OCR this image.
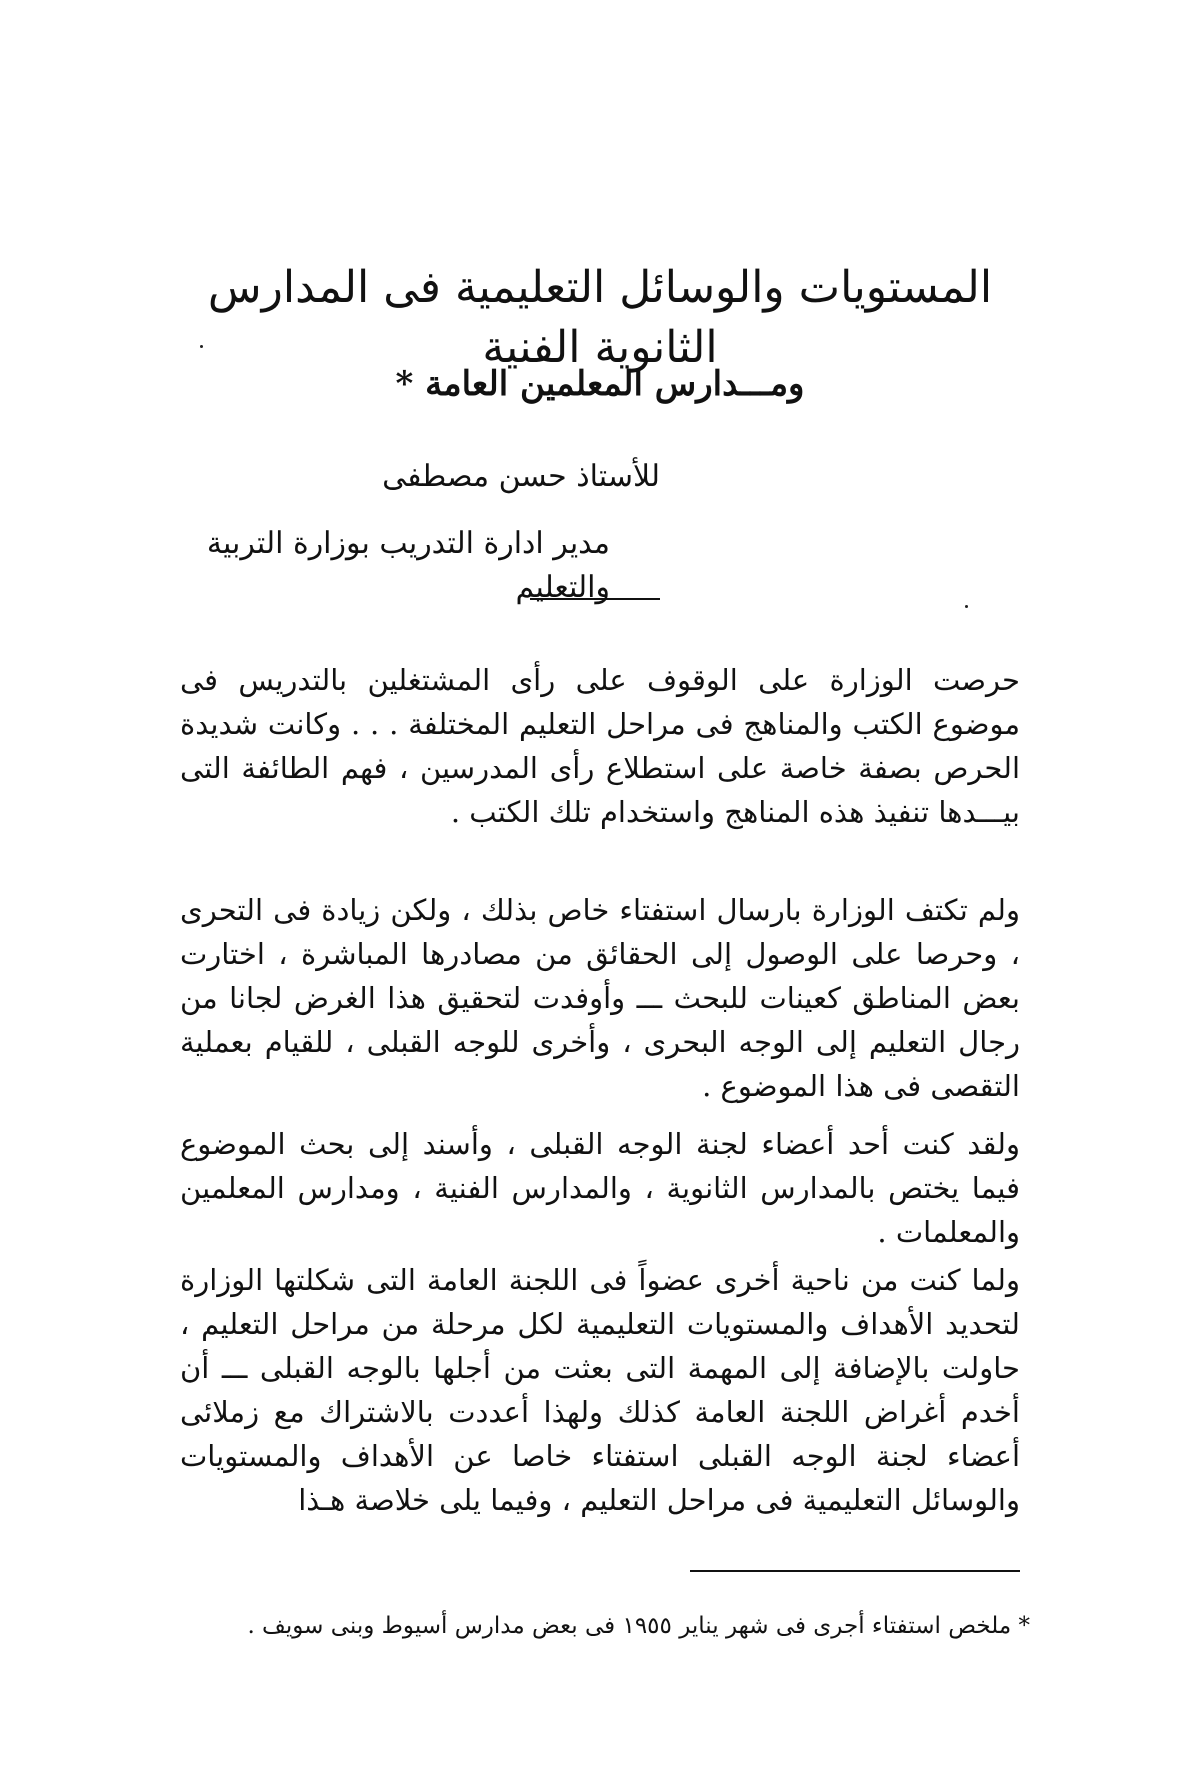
المستويات والوسائل التعليمية فى المدارس الثانوية الفنية
ومـــدارس المعلمين العامة *
للأستاذ حسن مصطفى
مدير ادارة التدريب بوزارة التربية والتعليم

حرصت الوزارة على الوقوف على رأى المشتغلين بالتدريس فى موضوع الكتب والمناهج فى مراحل التعليم المختلفة . . . وكانت شديدة الحرص بصفة خاصة على استطلاع رأى المدرسين ، فهم الطائفة التى بيـــدها تنفيذ هذه المناهج واستخدام تلك الكتب .

ولم تكتف الوزارة بارسال استفتاء خاص بذلك ، ولكن زيادة فى التحرى ، وحرصا على الوصول إلى الحقائق من مصادرها المباشرة ، اختارت بعض المناطق كعينات للبحث ـــ وأوفدت لتحقيق هذا الغرض لجانا من رجال التعليم إلى الوجه البحرى ، وأخرى للوجه القبلى ، للقيام بعملية التقصى فى هذا الموضوع .

ولقد كنت أحد أعضاء لجنة الوجه القبلى ، وأسند إلى بحث الموضوع فيما يختص بالمدارس الثانوية ، والمدارس الفنية ، ومدارس المعلمين والمعلمات .

ولما كنت من ناحية أخرى عضواً فى اللجنة العامة التى شكلتها الوزارة لتحديد الأهداف والمستويات التعليمية لكل مرحلة من مراحل التعليم ، حاولت بالإضافة إلى المهمة التى بعثت من أجلها بالوجه القبلى ـــ أن أخدم أغراض اللجنة العامة كذلك ولهذا أعددت بالاشتراك مع زملائى أعضاء لجنة الوجه القبلى استفتاء خاصا عن الأهداف والمستويات والوسائل التعليمية فى مراحل التعليم ، وفيما يلى خلاصة هـذا

* ملخص استفتاء أجرى فى شهر يناير ١٩٥٥ فى بعض مدارس أسيوط وبنى سويف .
